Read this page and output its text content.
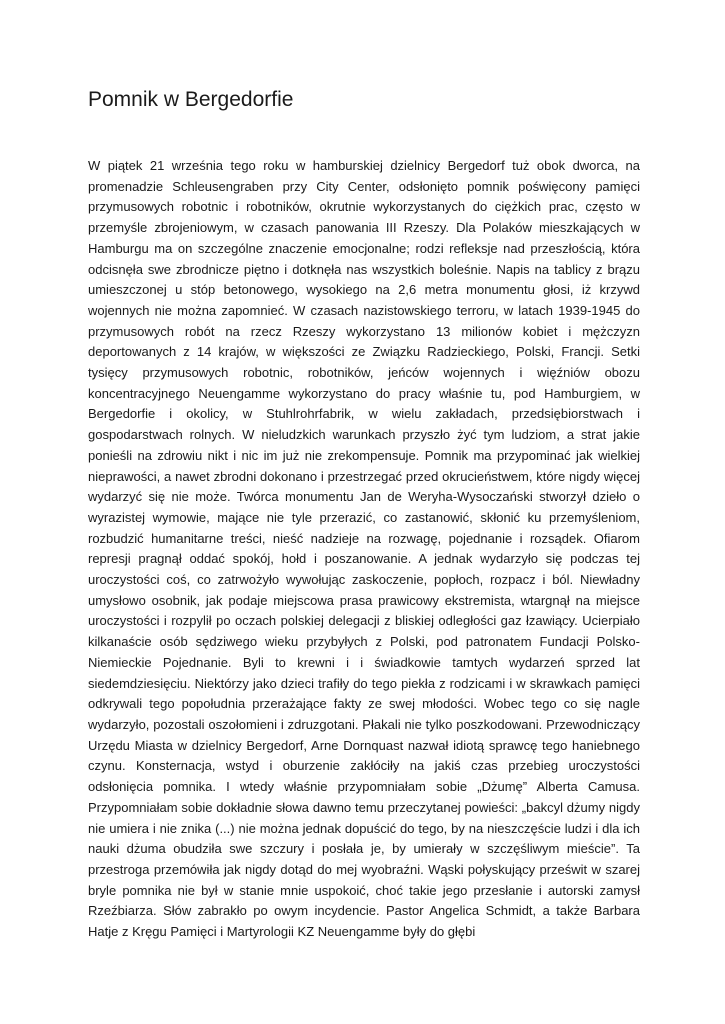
Pomnik w Bergedorfie

W piątek 21 września tego roku w hamburskiej dzielnicy Bergedorf tuż obok dworca, na promenadzie Schleusengraben przy City Center, odsłonięto pomnik poświęcony pamięci przymusowych robotnic i robotników, okrutnie wykorzystanych do ciężkich prac, często w przemyśle zbrojeniowym, w czasach panowania III Rzeszy. Dla Polaków mieszkających w Hamburgu ma on szczególne znaczenie emocjonalne; rodzi refleksje nad przeszłością, która odcisnęła swe zbrodnicze piętno i dotknęła nas wszystkich boleśnie. Napis na tablicy z brązu umieszczonej u stóp betonowego, wysokiego na 2,6 metra monumentu głosi, iż krzywd wojennych nie można zapomnieć. W czasach nazistowskiego terroru, w latach 1939-1945 do przymusowych robót na rzecz Rzeszy wykorzystano 13 milionów kobiet i mężczyzn deportowanych z 14 krajów, w większości ze Związku Radzieckiego, Polski, Francji. Setki tysięcy przymusowych robotnic, robotników, jeńców wojennych i więźniów obozu koncentracyjnego Neuengamme wykorzystano do pracy właśnie tu, pod Hamburgiem, w Bergedorfie i okolicy, w Stuhlrohrfabrik, w wielu zakładach, przedsiębiorstwach i gospodarstwach rolnych. W nieludzkich warunkach przyszło żyć tym ludziom, a strat jakie ponieśli na zdrowiu nikt i nic im już nie zrekompensuje. Pomnik ma przypominać jak wielkiej nieprawości, a nawet zbrodni dokonano i przestrzegać przed okrucieństwem, które nigdy więcej wydarzyć się nie może. Twórca monumentu Jan de Weryha-Wysoczański stworzył dzieło o wyrazistej wymowie, mające nie tyle przerazić, co zastanowić, skłonić ku przemyśleniom, rozbudzić humanitarne treści, nieść nadzieje na rozwagę, pojednanie i rozsądek. Ofiarom represji pragnął oddać spokój, hołd i poszanowanie. A jednak wydarzyło się podczas tej uroczystości coś, co zatrwożyło wywołując zaskoczenie, popłoch, rozpacz i ból. Niewładny umysłowo osobnik, jak podaje miejscowa prasa prawicowy ekstremista, wtargnął na miejsce uroczystości i rozpylił po oczach polskiej delegacji z bliskiej odległości gaz łzawiący. Ucierpiało kilkanaście osób sędziwego wieku przybyłych z Polski, pod patronatem Fundacji Polsko-Niemieckie Pojednanie. Byli to krewni i i świadkowie tamtych wydarzeń sprzed lat siedemdziesięciu. Niektórzy jako dzieci trafiły do tego piekła z rodzicami i w skrawkach pamięci odkrywali tego popołudnia przerażające fakty ze swej młodości. Wobec tego co się nagle wydarzyło, pozostali oszołomieni i zdruzgotani. Płakali nie tylko poszkodowani. Przewodniczący Urzędu Miasta w dzielnicy Bergedorf, Arne Dornquast nazwał idiotą sprawcę tego haniebnego czynu. Konsternacja, wstyd i oburzenie zakłóciły na jakiś czas przebieg uroczystości odsłonięcia pomnika. I wtedy właśnie przypomniałam sobie „Dżumę” Alberta Camusa. Przypomniałam sobie dokładnie słowa dawno temu przeczytanej powieści: „bakcyl dżumy nigdy nie umiera i nie znika (...) nie można jednak dopuścić do tego, by na nieszczęście ludzi i dla ich nauki dżuma obudziła swe szczury i posłała je, by umierały w szczęśliwym mieście”. Ta przestroga przemówiła jak nigdy dotąd do mej wyobraźni. Wąski połyskujący prześwit w szarej bryle pomnika nie był w stanie mnie uspokoić, choć takie jego przesłanie i autorski zamysł Rzeźbiarza. Słów zabrakło po owym incydencie. Pastor Angelica Schmidt, a także Barbara Hatje z Kręgu Pamięci i Martyrologii KZ Neuengamme były do głębi
